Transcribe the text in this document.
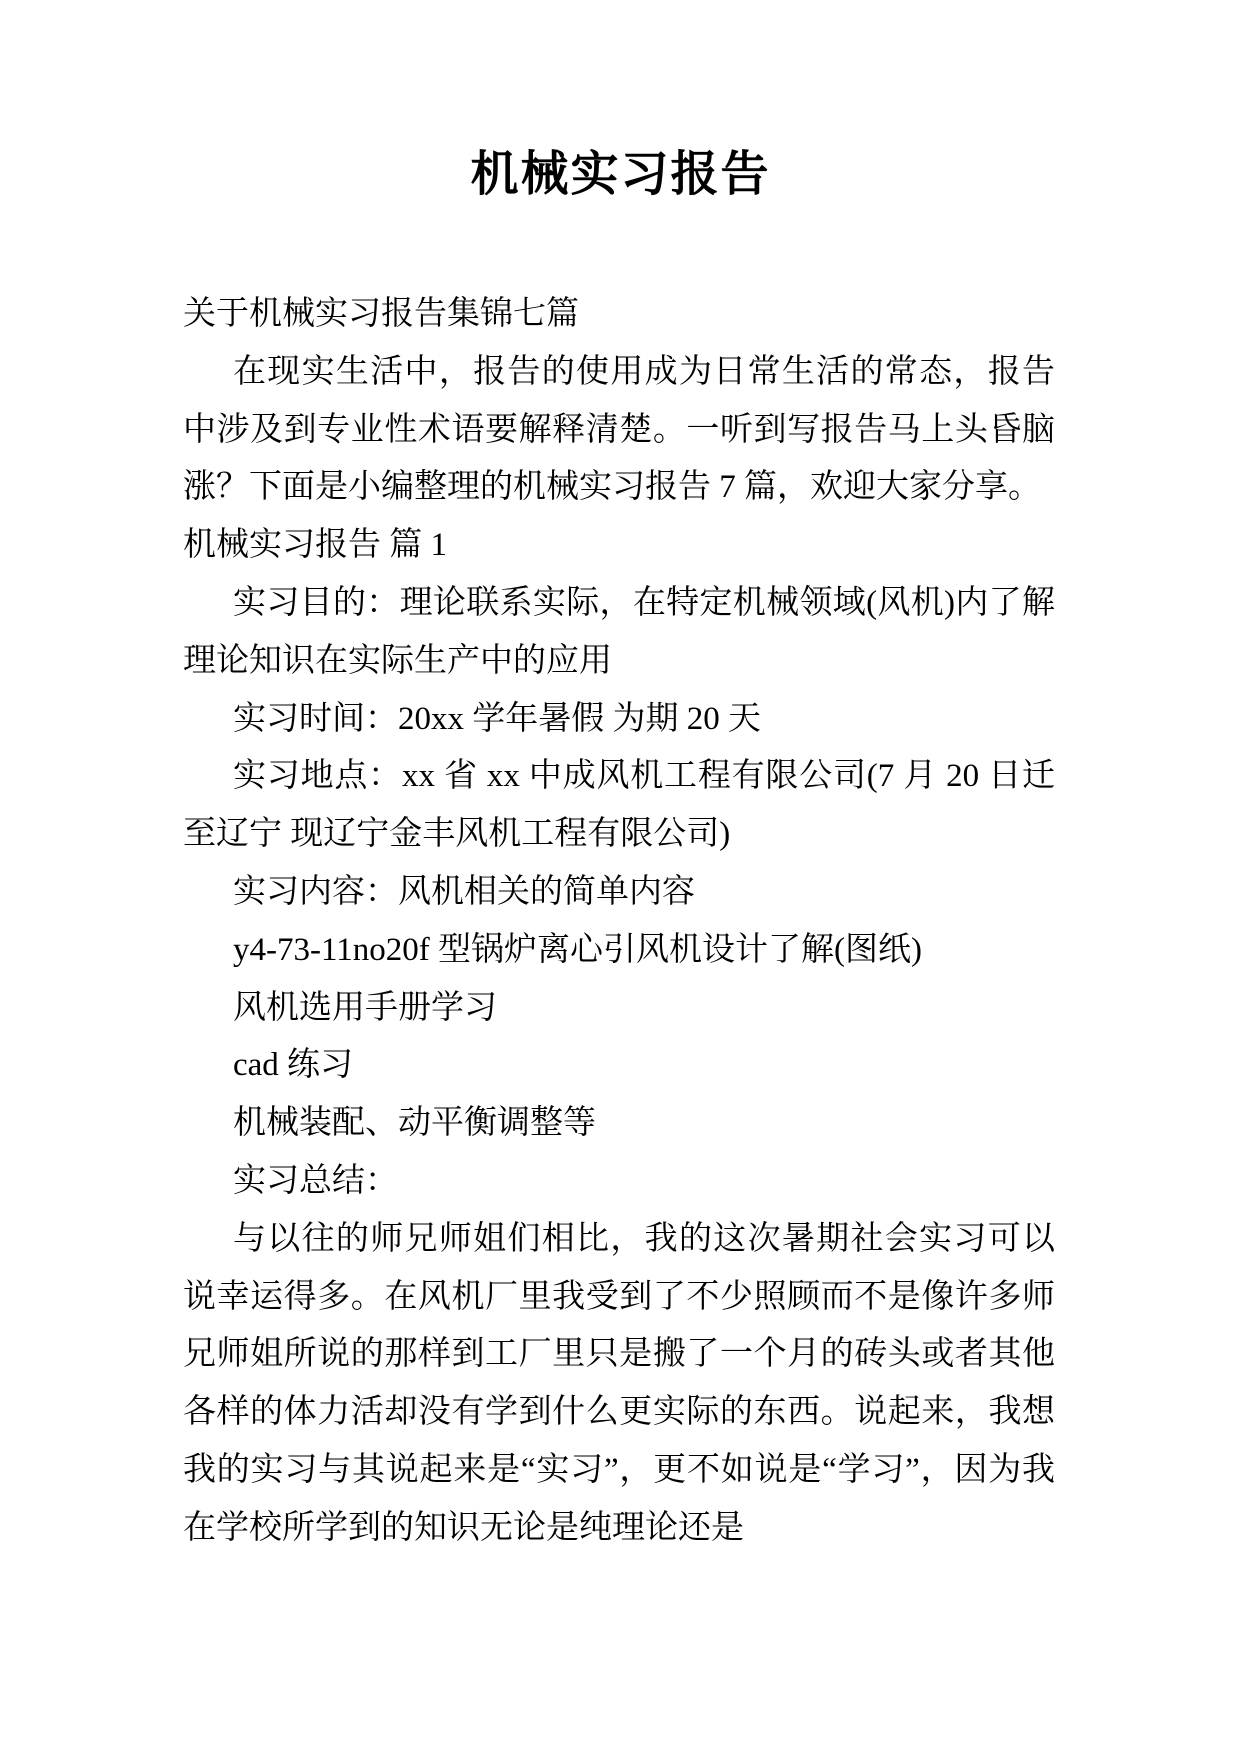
机械实习报告

关于机械实习报告集锦七篇

在现实生活中，报告的使用成为日常生活的常态，报告中涉及到专业性术语要解释清楚。一听到写报告马上头昏脑涨？下面是小编整理的机械实习报告 7 篇，欢迎大家分享。

机械实习报告 篇 1

实习目的：理论联系实际，在特定机械领域(风机)内了解理论知识在实际生产中的应用

实习时间：20xx 学年暑假 为期 20 天

实习地点：xx 省 xx 中成风机工程有限公司(7 月 20 日迁至辽宁 现辽宁金丰风机工程有限公司)

实习内容：风机相关的简单内容

y4-73-11no20f 型锅炉离心引风机设计了解(图纸)

风机选用手册学习

cad 练习

机械装配、动平衡调整等

实习总结：

与以往的师兄师姐们相比，我的这次暑期社会实习可以说幸运得多。在风机厂里我受到了不少照顾而不是像许多师兄师姐所说的那样到工厂里只是搬了一个月的砖头或者其他各样的体力活却没有学到什么更实际的东西。说起来，我想我的实习与其说起来是“实习”，更不如说是“学习”，因为我在学校所学到的知识无论是纯理论还是
